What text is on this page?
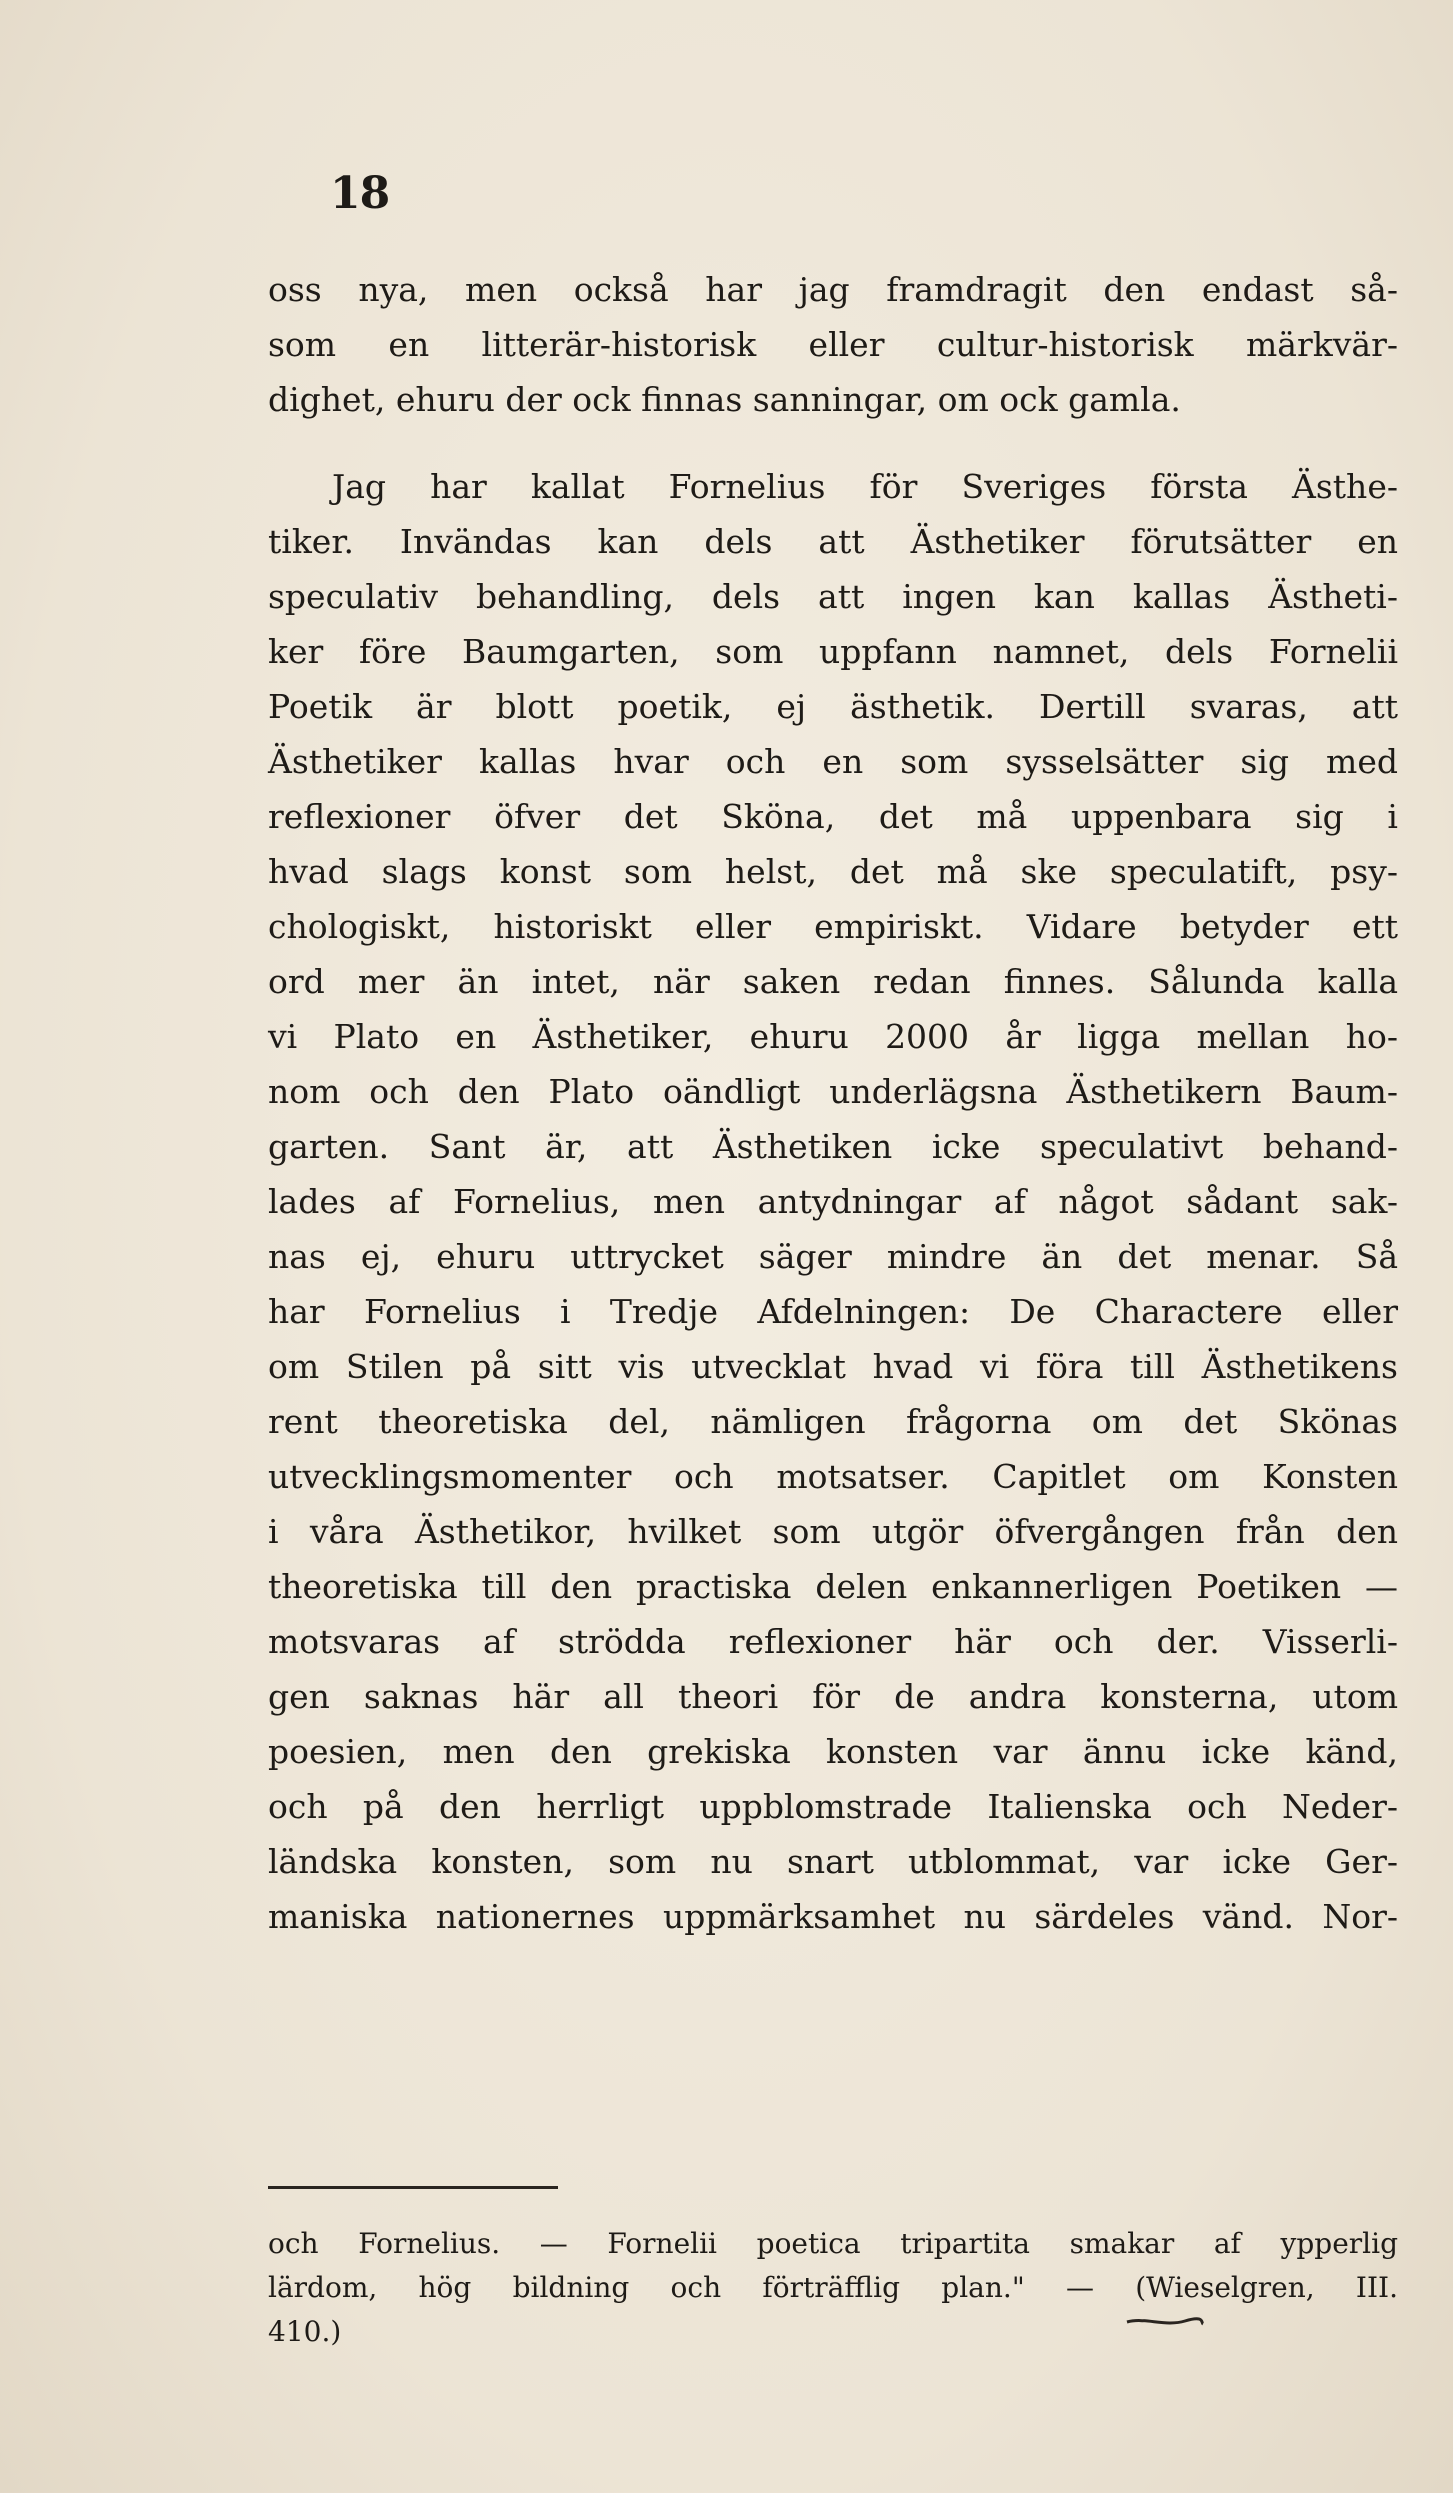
18
oss nya, men också har jag framdragit den endast så-
som en litterär-historisk eller cultur-historisk märkvär-
dighet, ehuru der ock finnas sanningar, om ock gamla.
Jag har kallat Fornelius för Sveriges första Ästhe-
tiker. Invändas kan dels att Ästhetiker förutsätter en
speculativ behandling, dels att ingen kan kallas Ästheti-
ker före Baumgarten, som uppfann namnet, dels Fornelii
Poetik är blott poetik, ej ästhetik. Dertill svaras, att
Ästhetiker kallas hvar och en som sysselsätter sig med
reflexioner öfver det Sköna, det må uppenbara sig i
hvad slags konst som helst, det må ske speculatift, psy-
chologiskt, historiskt eller empiriskt. Vidare betyder ett
ord mer än intet, när saken redan finnes. Sålunda kalla
vi Plato en Ästhetiker, ehuru 2000 år ligga mellan ho-
nom och den Plato oändligt underlägsna Ästhetikern Baum-
garten. Sant är, att Ästhetiken icke speculativt behand-
lades af Fornelius, men antydningar af något sådant sak-
nas ej, ehuru uttrycket säger mindre än det menar. Så
har Fornelius i Tredje Afdelningen: De Charactere eller
om Stilen på sitt vis utvecklat hvad vi föra till Ästhetikens
rent theoretiska del, nämligen frågorna om det Skönas
utvecklingsmomenter och motsatser. Capitlet om Konsten
i våra Ästhetikor, hvilket som utgör öfvergången från den
theoretiska till den practiska delen enkannerligen Poetiken —
motsvaras af strödda reflexioner här och der. Visserli-
gen saknas här all theori för de andra konsterna, utom
poesien, men den grekiska konsten var ännu icke känd,
och på den herrligt uppblomstrade Italienska och Neder-
ländska konsten, som nu snart utblommat, var icke Ger-
maniska nationernes uppmärksamhet nu särdeles vänd. Nor-
och Fornelius. — Fornelii poetica tripartita smakar af ypperlig
lärdom, hög bildning och förträfflig plan." — (Wieselgren, III.
410.)
